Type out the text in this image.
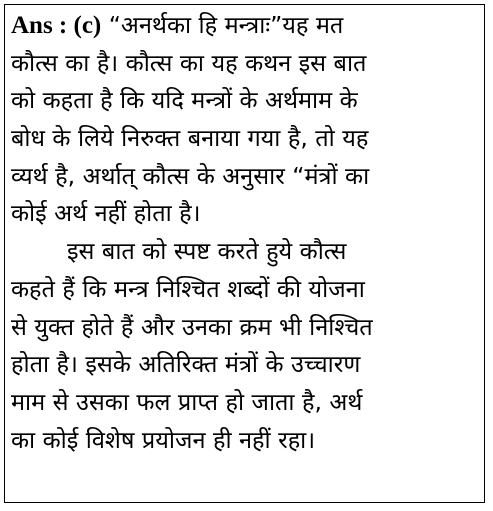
Ans : (c) “अनर्थका हि मन्त्राः”यह मत
कौत्स का है। कौत्स का यह कथन इस बात
को कहता है कि यदि मन्त्रों के अर्थमाम के
बोध के लिये निरुक्त बनाया गया है, तो यह
व्यर्थ है, अर्थात् कौत्स के अनुसार “मंत्रों का
कोई अर्थ नहीं होता है।
इस बात को स्पष्ट करते हुये कौत्स
कहते हैं कि मन्त्र निश्चित शब्दों की योजना
से युक्त होते हैं और उनका क्रम भी निश्चित
होता है। इसके अतिरिक्त मंत्रों के उच्चारण
माम से उसका फल प्राप्त हो जाता है, अर्थ
का कोई विशेष प्रयोजन ही नहीं रहा।
